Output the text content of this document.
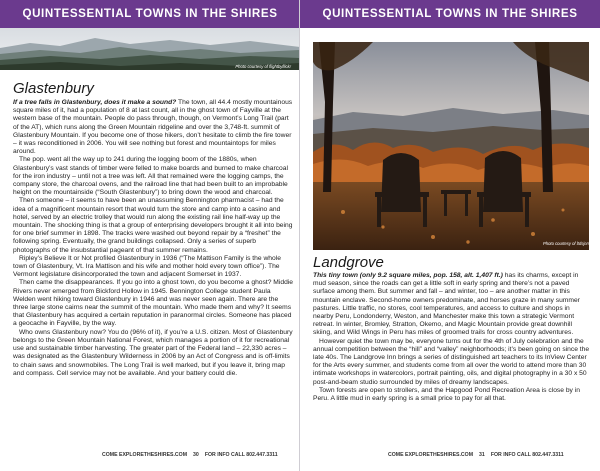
QUINTESSENTIAL TOWNS IN THE SHIRES
Photo courtesy of flightbyflickr
Glastenbury

If a tree falls in Glastenbury, does it make a sound? The town, all 44.4 mostly mountainous square miles of it, had a population of 8 at last count, all in the ghost town of Fayville at the western base of the mountain. People do pass through, though, on Vermont’s Long Trail (part of the AT), which runs along the Green Mountain ridgeline and over the 3,748-ft. summit of Glastenbury Mountain. If you become one of those hikers, don’t hesitate to climb the fire tower – it was reconditioned in 2006. You will see nothing but forest and mountaintops for miles around.

The pop. went all the way up to 241 during the logging boom of the 1880s, when Glastenbury’s vast stands of timber were felled to make boards and burned to make charcoal for the iron industry – until not a tree was left. All that remained were the logging camps, the company store, the charcoal ovens, and the railroad line that had been built to an improbable height on the mountainside (“South Glastenbury”) to bring down the wood and charcoal.

Then someone – it seems to have been an unassuming Bennington pharmacist – had the idea of a magnificent mountain resort that would turn the store and camp into a casino and hotel, served by an electric trolley that would run along the existing rail line half-way up the mountain. The shocking thing is that a group of enterprising developers brought it all into being for one brief summer in 1898. The tracks were washed out beyond repair by a “freshet” the following spring. Eventually, the grand buildings collapsed. Only a series of superb photographs of the insubstantial pageant of that summer remains.

Ripley’s Believe It or Not profiled Glastenbury in 1936 (“The Mattison Family is the whole town of Glastenbury, Vt. Ira Mattison and his wife and mother hold every town office”). The Vermont legislature disincorporated the town and adjacent Somerset in 1937.

Then came the disappearances. If you go into a ghost town, do you become a ghost? Middie Rivers never emerged from Bickford Hollow in 1945. Bennington College student Paula Welden went hiking toward Glastenbury in 1946 and was never seen again. There are the three large stone cairns near the summit of the mountain. Who made them and why? It seems that Glastenbury has acquired a certain reputation in paranormal circles. Someone has placed a geocache in Fayville, by the way.

Who owns Glastenbury now? You do (96% of it), if you’re a U.S. citizen. Most of Glastenbury belongs to the Green Mountain National Forest, which manages a portion of it for recreational use and sustainable timber harvesting. The greater part of the Federal land – 22,330 acres – was designated as the Glastenbury Wilderness in 2006 by an Act of Congress and is off-limits to chain saws and snowmobiles. The Long Trail is well marked, but if you leave it, bring map and compass. Cell service may not be available. And your battery could die.

COME EXPLORETHESHIRES.COM 30 FOR INFO CALL 802.447.3311
QUINTESSENTIAL TOWNS IN THE SHIRES
Photo courtesy of ltdsjnm
Landgrove

This tiny town (only 9.2 square miles, pop. 158, alt. 1,407 ft.) has its charms, except in mud season, since the roads can get a little soft in early spring and there’s not a paved surface among them. But summer and fall – and winter, too – are another matter in this mountain enclave. Second-home owners predominate, and horses graze in many summer pastures. Little traffic, no stores, cool temperatures, and access to culture and shops in nearby Peru, Londonderry, Weston, and Manchester make this town a strategic Vermont retreat. In winter, Bromley, Stratton, Okemo, and Magic Mountain provide great downhill skiing, and Wild Wings in Peru has miles of groomed trails for cross country adventures.

However quiet the town may be, everyone turns out for the 4th of July celebration and the annual competition between the “hill” and “valley” neighborhoods; it’s been going on since the late 40s. The Landgrove Inn brings a series of distinguished art teachers to its InView Center for the Arts every summer, and students come from all over the world to attend more than 30 intimate workshops in watercolors, portrait painting, oils, and digital photography in a 30 x 50 post-and-beam studio surrounded by miles of dreamy landscapes.

Town forests are open to strollers, and the Hapgood Pond Recreation Area is close by in Peru. A little mud in early spring is a small price to pay for all that.

COME EXPLORETHESHIRES.COM 31 FOR INFO CALL 802.447.3311
